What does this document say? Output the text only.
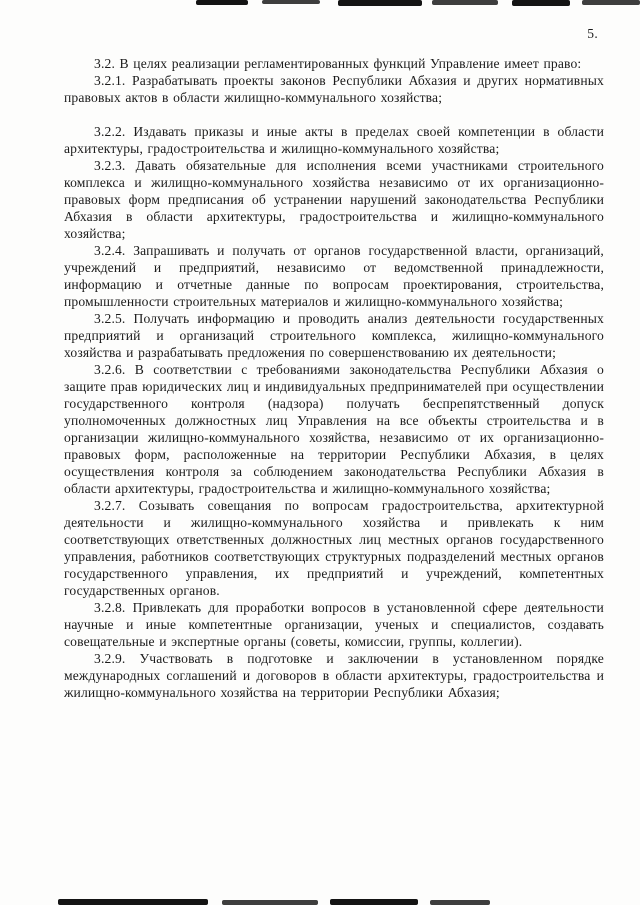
5.

3.2. В целях реализации регламентированных функций Управление имеет право:

3.2.1. Разрабатывать проекты законов Республики Абхазия и других нормативных правовых актов в области жилищно-коммунального хозяйства;

3.2.2. Издавать приказы и иные акты в пределах своей компетенции в области архитектуры, градостроительства и жилищно-коммунального хозяйства;

3.2.3. Давать обязательные для исполнения всеми участниками строительного комплекса и жилищно-коммунального хозяйства независимо от их организационно-правовых форм предписания об устранении нарушений законодательства Республики Абхазия в области архитектуры, градостроительства и жилищно-коммунального хозяйства;

3.2.4. Запрашивать и получать от органов государственной власти, организаций, учреждений и предприятий, независимо от ведомственной принадлежности, информацию и отчетные данные по вопросам проектирования, строительства, промышленности строительных материалов и жилищно-коммунального хозяйства;

3.2.5. Получать информацию и проводить анализ деятельности государственных предприятий и организаций строительного комплекса, жилищно-коммунального хозяйства и разрабатывать предложения по совершенствованию их деятельности;

3.2.6. В соответствии с требованиями законодательства Республики Абхазия о защите прав юридических лиц и индивидуальных предпринимателей при осуществлении государственного контроля (надзора) получать беспрепятственный допуск уполномоченных должностных лиц Управления на все объекты строительства и в организации жилищно-коммунального хозяйства, независимо от их организационно-правовых форм, расположенные на территории Республики Абхазия, в целях осуществления контроля за соблюдением законодательства Республики Абхазия в области архитектуры, градостроительства и жилищно-коммунального хозяйства;

3.2.7. Созывать совещания по вопросам градостроительства, архитектурной деятельности и жилищно-коммунального хозяйства и привлекать к ним соответствующих ответственных должностных лиц местных органов государственного управления, работников соответствующих структурных подразделений местных органов государственного управления, их предприятий и учреждений, компетентных государственных органов.

3.2.8. Привлекать для проработки вопросов в установленной сфере деятельности научные и иные компетентные организации, ученых и специалистов, создавать совещательные и экспертные органы (советы, комиссии, группы, коллегии).

3.2.9. Участвовать в подготовке и заключении в установленном порядке международных соглашений и договоров в области архитектуры, градостроительства и жилищно-коммунального хозяйства на территории Республики Абхазия;
